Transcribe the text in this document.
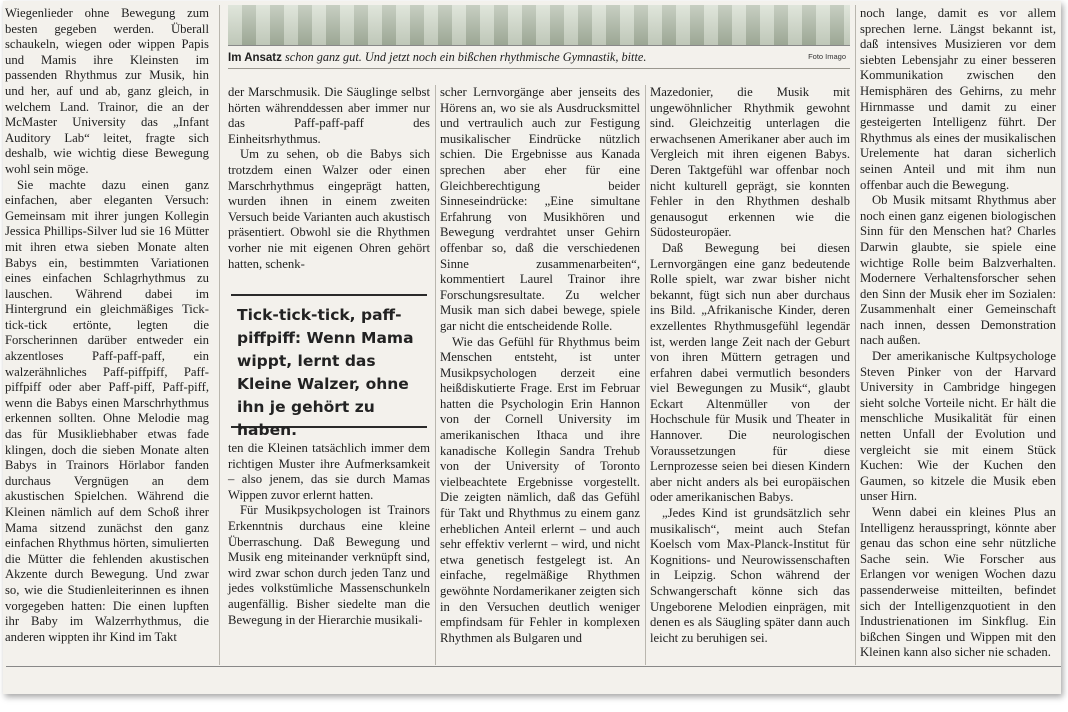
Im Ansatz schon ganz gut. Und jetzt noch ein bißchen rhythmische Gymnastik, bitte.	Foto Imago

Wiegenlieder ohne Bewegung zum besten gegeben werden. Überall schaukeln, wiegen oder wippen Papis und Mamis ihre Kleinsten im passenden Rhythmus zur Musik, hin und her, auf und ab, ganz gleich, in welchem Land. Trainor, die an der McMaster University das „Infant Auditory Lab“ leitet, fragte sich deshalb, wie wichtig diese Bewegung wohl sein möge.

Sie machte dazu einen ganz einfachen, aber eleganten Versuch: Gemeinsam mit ihrer jungen Kollegin Jessica Phillips-Silver lud sie 16 Mütter mit ihren etwa sieben Monate alten Babys ein, bestimmten Variationen eines einfachen Schlagrhythmus zu lauschen. Während dabei im Hintergrund ein gleichmäßiges Tick-tick-tick ertönte, legten die Forscherinnen darüber entweder ein akzentloses Paff-paff-paff, ein walzerähnliches Paff-piffpiff, Paff-piffpiff oder aber Paff-piff, Paff-piff, wenn die Babys einen Marschrhythmus erkennen sollten. Ohne Melodie mag das für Musikliebhaber etwas fade klingen, doch die sieben Monate alten Babys in Trainors Hörlabor fanden durchaus Vergnügen an dem akustischen Spielchen. Während die Kleinen nämlich auf dem Schoß ihrer Mama sitzend zunächst den ganz einfachen Rhythmus hörten, simulierten die Mütter die fehlenden akustischen Akzente durch Bewegung. Und zwar so, wie die Studienleiterinnen es ihnen vorgegeben hatten: Die einen lupften ihr Baby im Walzerrhythmus, die anderen wippten ihr Kind im Takt

der Marschmusik. Die Säuglinge selbst hörten währenddessen aber immer nur das Paff-paff-paff des Einheitsrhythmus.

Um zu sehen, ob die Babys sich trotzdem einen Walzer oder einen Marschrhythmus eingeprägt hatten, wurden ihnen in einem zweiten Versuch beide Varianten auch akustisch präsentiert. Obwohl sie die Rhythmen vorher nie mit eigenen Ohren gehört hatten, schenk-

Tick-tick-tick, paff-piffpiff: Wenn Mama wippt, lernt das Kleine Walzer, ohne ihn je gehört zu haben.

ten die Kleinen tatsächlich immer dem richtigen Muster ihre Aufmerksamkeit – also jenem, das sie durch Mamas Wippen zuvor erlernt hatten.

Für Musikpsychologen ist Trainors Erkenntnis durchaus eine kleine Überraschung. Daß Bewegung und Musik eng miteinander verknüpft sind, wird zwar schon durch jeden Tanz und jedes volkstümliche Massenschunkeln augenfällig. Bisher siedelte man die Bewegung in der Hierarchie musikali-

scher Lernvorgänge aber jenseits des Hörens an, wo sie als Ausdrucksmittel und vertraulich auch zur Festigung musikalischer Eindrücke nützlich schien. Die Ergebnisse aus Kanada sprechen aber eher für eine Gleichberechtigung beider Sinneseindrücke: „Eine simultane Erfahrung von Musikhören und Bewegung verdrahtet unser Gehirn offenbar so, daß die verschiedenen Sinne zusammenarbeiten“, kommentiert Laurel Trainor ihre Forschungsresultate. Zu welcher Musik man sich dabei bewege, spiele gar nicht die entscheidende Rolle.

Wie das Gefühl für Rhythmus beim Menschen entsteht, ist unter Musikpsychologen derzeit eine heißdiskutierte Frage. Erst im Februar hatten die Psychologin Erin Hannon von der Cornell University im amerikanischen Ithaca und ihre kanadische Kollegin Sandra Trehub von der University of Toronto vielbeachtete Ergebnisse vorgestellt. Die zeigten nämlich, daß das Gefühl für Takt und Rhythmus zu einem ganz erheblichen Anteil erlernt – und auch sehr effektiv verlernt – wird, und nicht etwa genetisch festgelegt ist. An einfache, regelmäßige Rhythmen gewöhnte Nordamerikaner zeigten sich in den Versuchen deutlich weniger empfindsam für Fehler in komplexen Rhythmen als Bulgaren und

Mazedonier, die Musik mit ungewöhnlicher Rhythmik gewohnt sind. Gleichzeitig unterlagen die erwachsenen Amerikaner aber auch im Vergleich mit ihren eigenen Babys. Deren Taktgefühl war offenbar noch nicht kulturell geprägt, sie konnten Fehler in den Rhythmen deshalb genausogut erkennen wie die Südosteuropäer.

Daß Bewegung bei diesen Lernvorgängen eine ganz bedeutende Rolle spielt, war zwar bisher nicht bekannt, fügt sich nun aber durchaus ins Bild. „Afrikanische Kinder, deren exzellentes Rhythmusgefühl legendär ist, werden lange Zeit nach der Geburt von ihren Müttern getragen und erfahren dabei vermutlich besonders viel Bewegungen zu Musik“, glaubt Eckart Altenmüller von der Hochschule für Musik und Theater in Hannover. Die neurologischen Voraussetzungen für diese Lernprozesse seien bei diesen Kindern aber nicht anders als bei europäischen oder amerikanischen Babys.

„Jedes Kind ist grundsätzlich sehr musikalisch“, meint auch Stefan Koelsch vom Max-Planck-Institut für Kognitions- und Neurowissenschaften in Leipzig. Schon während der Schwangerschaft könne sich das Ungeborene Melodien einprägen, mit denen es als Säugling später dann auch leicht zu beruhigen sei.

noch lange, damit es vor allem sprechen lerne. Längst bekannt ist, daß intensives Musizieren vor dem siebten Lebensjahr zu einer besseren Kommunikation zwischen den Hemisphären des Gehirns, zu mehr Hirnmasse und damit zu einer gesteigerten Intelligenz führt. Der Rhythmus als eines der musikalischen Urelemente hat daran sicherlich seinen Anteil und mit ihm nun offenbar auch die Bewegung.

Ob Musik mitsamt Rhythmus aber noch einen ganz eigenen biologischen Sinn für den Menschen hat? Charles Darwin glaubte, sie spiele eine wichtige Rolle beim Balzverhalten. Modernere Verhaltensforscher sehen den Sinn der Musik eher im Sozialen: Zusammenhalt einer Gemeinschaft nach innen, dessen Demonstration nach außen.

Der amerikanische Kultpsychologe Steven Pinker von der Harvard University in Cambridge hingegen sieht solche Vorteile nicht. Er hält die menschliche Musikalität für einen netten Unfall der Evolution und vergleicht sie mit einem Stück Kuchen: Wie der Kuchen den Gaumen, so kitzele die Musik eben unser Hirn.

Wenn dabei ein kleines Plus an Intelligenz herausspringt, könnte aber genau das schon eine sehr nützliche Sache sein. Wie Forscher aus Erlangen vor wenigen Wochen dazu passenderweise mitteilten, befindet sich der Intelligenzquotient in den Industrienationen im Sinkflug. Ein bißchen Singen und Wippen mit den Kleinen kann also sicher nie schaden.
